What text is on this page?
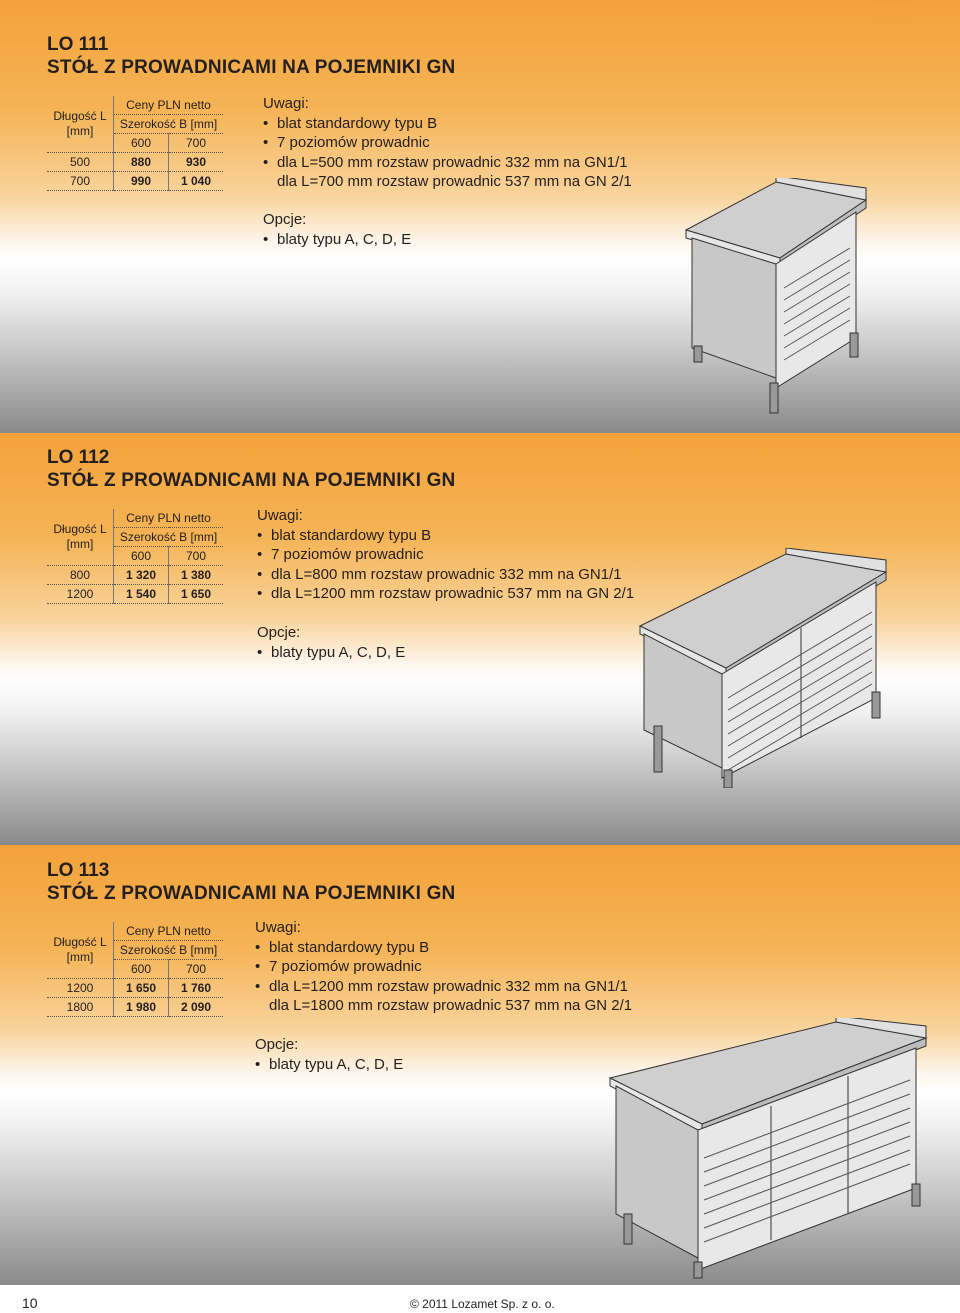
100
LO 111
STÓŁ Z PROWADNICAMI NA POJEMNIKI GN
Długość L [mm]	Ceny PLN netto	
	Szerokość B [mm]	
	600	700
500	880	930
700	990	1 040
Uwagi:
• blat standardowy typu B
• 7 poziomów prowadnic
• dla L=500 mm rozstaw prowadnic 332 mm na GN1/1
dla L=700 mm rozstaw prowadnic 537 mm na GN 2/1
Opcje:
• blaty typu A, C, D, E
LO 112
STÓŁ Z PROWADNICAMI NA POJEMNIKI GN
Długość L [mm]	Ceny PLN netto	
	Szerokość B [mm]	
	600	700
800	1 320	1 380
1200	1 540	1 650
Uwagi:
• blat standardowy typu B
• 7 poziomów prowadnic
• dla L=800 mm rozstaw prowadnic 332 mm na GN1/1
• dla L=1200 mm rozstaw prowadnic 537 mm na GN 2/1
Opcje:
• blaty typu A, C, D, E
LO 113
STÓŁ Z PROWADNICAMI NA POJEMNIKI GN
Długość L [mm]	Ceny PLN netto	
	Szerokość B [mm]	
	600	700
1200	1 650	1 760
1800	1 980	2 090
Uwagi:
• blat standardowy typu B
• 7 poziomów prowadnic
• dla L=1200 mm rozstaw prowadnic 332 mm na GN1/1
dla L=1800 mm rozstaw prowadnic 537 mm na GN 2/1
Opcje:
• blaty typu A, C, D, E
10	© 2011 Lozamet Sp. z o. o.
